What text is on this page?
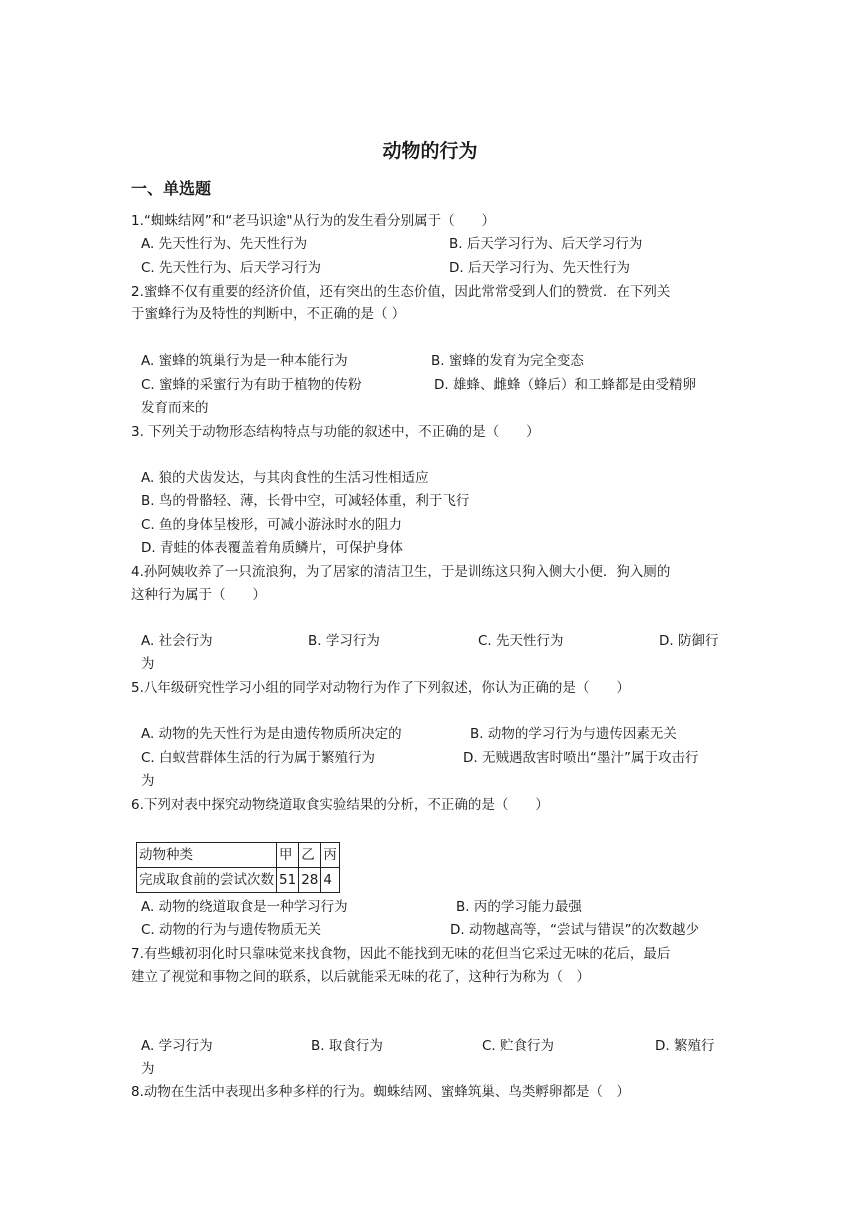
动物的行为
一、单选题
1.“蜘蛛结网”和“老马识途"从行为的发生看分别属于（　　）
A. 先天性行为、先天性行为	B. 后天学习行为、后天学习行为
C. 先天性行为、后天学习行为	D. 后天学习行为、先天性行为
2.蜜蜂不仅有重要的经济价值，还有突出的生态价值，因此常常受到人们的赞赏．在下列关
于蜜蜂行为及特性的判断中，不正确的是（ ）
A. 蜜蜂的筑巢行为是一种本能行为	B. 蜜蜂的发育为完全变态
C. 蜜蜂的采蜜行为有助于植物的传粉	D. 雄蜂、雌蜂（蜂后）和工蜂都是由受精卵
发育而来的
3. 下列关于动物形态结构特点与功能的叙述中，不正确的是（　　）
A. 狼的犬齿发达，与其肉食性的生活习性相适应
B. 鸟的骨骼轻、薄，长骨中空，可减轻体重，利于飞行
C. 鱼的身体呈梭形，可减小游泳时水的阻力
D. 青蛙的体表覆盖着角质鳞片，可保护身体
4.孙阿姨收养了一只流浪狗，为了居家的清洁卫生，于是训练这只狗入侧大小便．狗入厕的
这种行为属于（　　）
A. 社会行为	B. 学习行为	C. 先天性行为	D. 防御行
为
5.八年级研究性学习小组的同学对动物行为作了下列叙述，你认为正确的是（　　）
A. 动物的先天性行为是由遗传物质所决定的	B. 动物的学习行为与遗传因素无关
C. 白蚁营群体生活的行为属于繁殖行为	D. 无贼遇敌害时喷出“墨汁”属于攻击行
为
6.下列对表中探究动物绕道取食实验结果的分析，不正确的是（　　）
动物种类	甲	乙	丙
完成取食前的尝试次数	51	28	4
A. 动物的绕道取食是一种学习行为	B. 丙的学习能力最强
C. 动物的行为与遗传物质无关	D. 动物越高等，“尝试与错误”的次数越少
7.有些蛾初羽化时只靠味觉来找食物，因此不能找到无味的花但当它采过无味的花后，最后
建立了视觉和事物之间的联系，以后就能采无味的花了，这种行为称为（　）
A. 学习行为	B. 取食行为	C. 贮食行为	D. 繁殖行
为
8.动物在生活中表现出多种多样的行为。蜘蛛结网、蜜蜂筑巢、鸟类孵卵都是（　）
